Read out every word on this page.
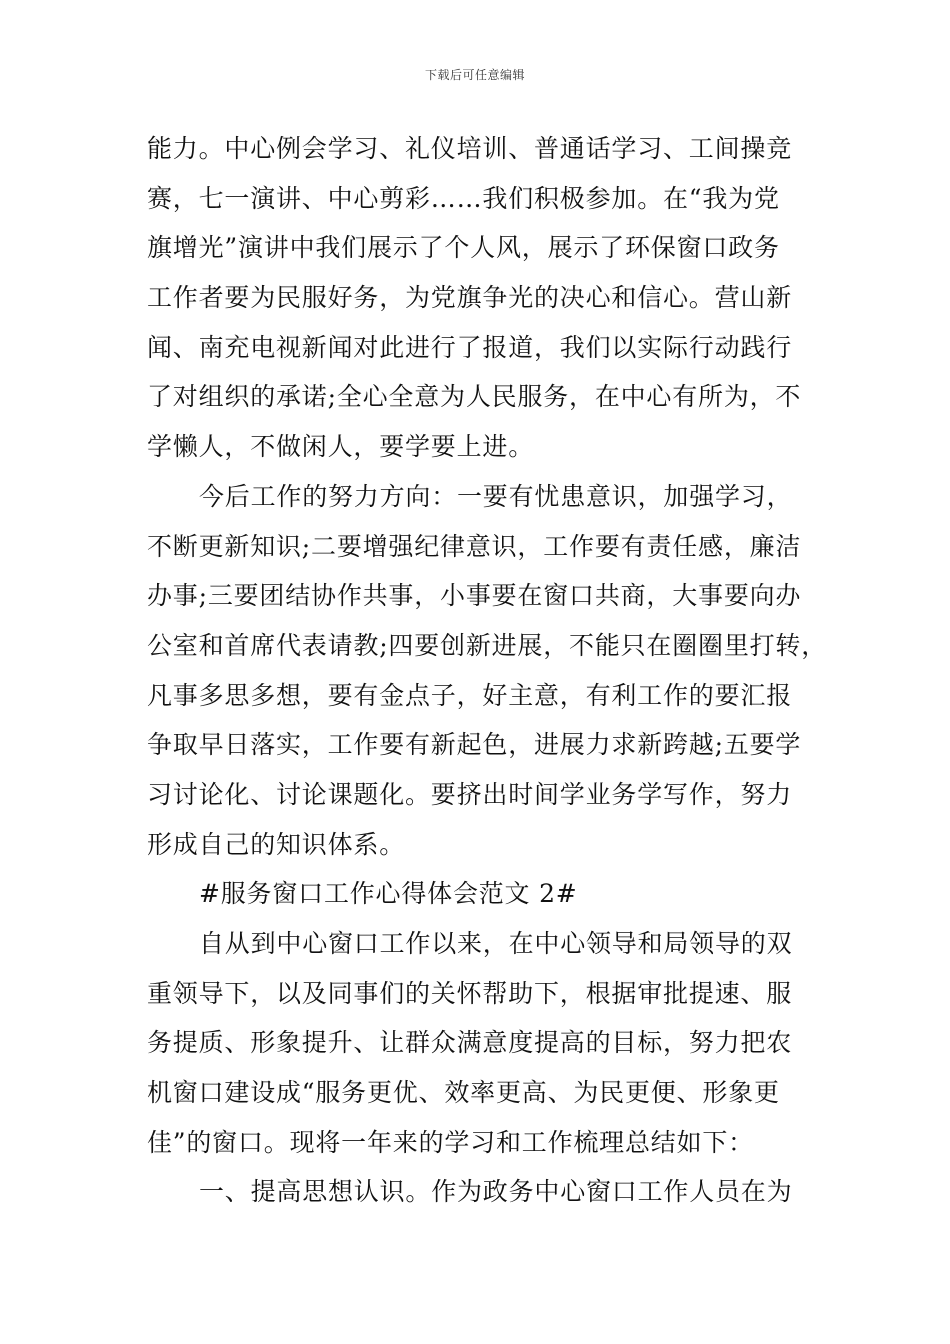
下载后可任意编辑
能力。中心例会学习、礼仪培训、普通话学习、工间操竞
赛，七一演讲、中心剪彩……我们积极参加。在“我为党
旗增光”演讲中我们展示了个人风，展示了环保窗口政务
工作者要为民服好务，为党旗争光的决心和信心。营山新
闻、南充电视新闻对此进行了报道，我们以实际行动践行
了对组织的承诺;全心全意为人民服务，在中心有所为，不
学懒人，不做闲人，要学要上进。
今后工作的努力方向：一要有忧患意识，加强学习，
不断更新知识;二要增强纪律意识，工作要有责任感，廉洁
办事;三要团结协作共事，小事要在窗口共商，大事要向办
公室和首席代表请教;四要创新进展，不能只在圈圈里打转，
凡事多思多想，要有金点子，好主意，有利工作的要汇报
争取早日落实，工作要有新起色，进展力求新跨越;五要学
习讨论化、讨论课题化。要挤出时间学业务学写作，努力
形成自己的知识体系。
#服务窗口工作心得体会范文 2#
自从到中心窗口工作以来，在中心领导和局领导的双
重领导下，以及同事们的关怀帮助下，根据审批提速、服
务提质、形象提升、让群众满意度提高的目标，努力把农
机窗口建设成“服务更优、效率更高、为民更便、形象更
佳”的窗口。现将一年来的学习和工作梳理总结如下：
一、提高思想认识。作为政务中心窗口工作人员在为
